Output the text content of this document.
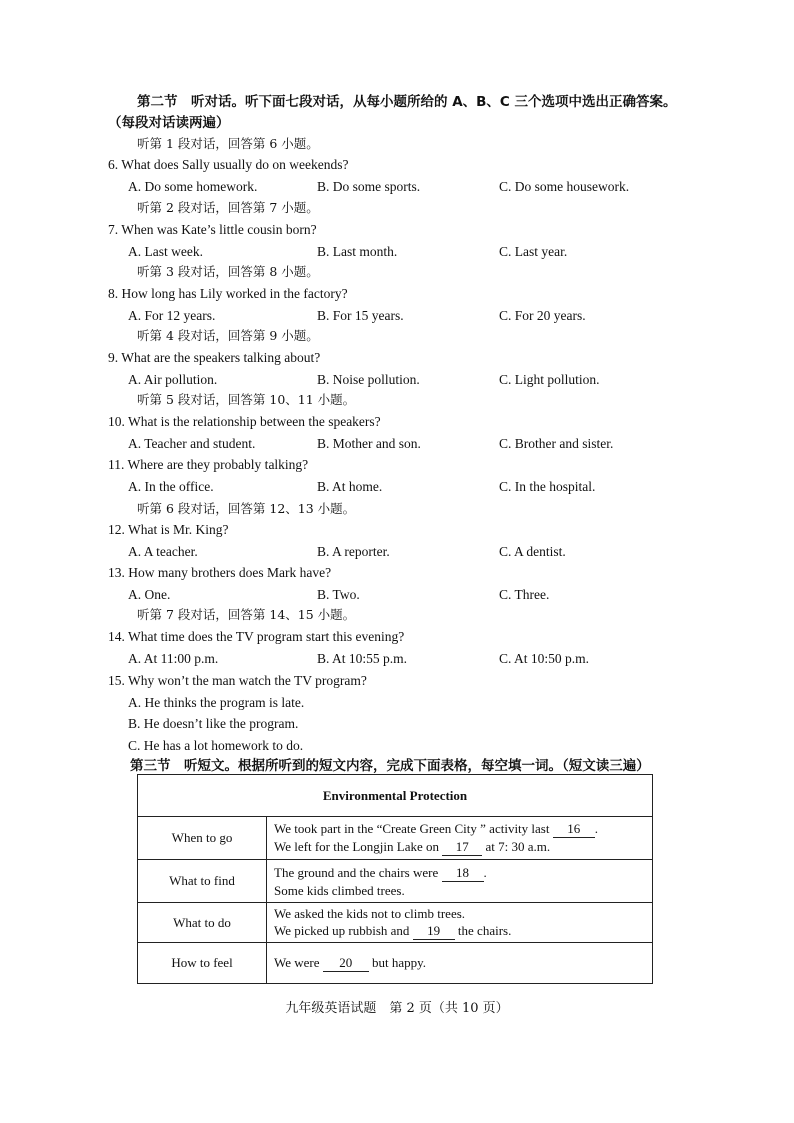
第二节　听对话。听下面七段对话，从每小题所给的 A、B、C 三个选项中选出正确答案。
（每段对话读两遍）
听第 1 段对话，回答第 6 小题。
6. What does Sally usually do on weekends?
A. Do some homework.	B. Do some sports.	C. Do some housework.
听第 2 段对话，回答第 7 小题。
7. When was Kate’s little cousin born?
A. Last week.	B. Last month.	C. Last year.
听第 3 段对话，回答第 8 小题。
8. How long has Lily worked in the factory?
A. For 12 years.	B. For 15 years.	C. For 20 years.
听第 4 段对话，回答第 9 小题。
9. What are the speakers talking about?
A. Air pollution.	B. Noise pollution.	C. Light pollution.
听第 5 段对话，回答第 10、11 小题。
10. What is the relationship between the speakers?
A. Teacher and student.	B. Mother and son.	C. Brother and sister.
11. Where are they probably talking?
A. In the office.	B. At home.	C. In the hospital.
听第 6 段对话，回答第 12、13 小题。
12. What is Mr. King?
A. A teacher.	B. A reporter.	C. A dentist.
13. How many brothers does Mark have?
A. One.	B. Two.	C. Three.
听第 7 段对话，回答第 14、15 小题。
14. What time does the TV program start this evening?
A. At 11:00 p.m.	B. At 10:55 p.m.	C. At 10:50 p.m.
15. Why won’t the man watch the TV program?
A. He thinks the program is late.
B. He doesn’t like the program.
C. He has a lot homework to do.
第三节　听短文。根据所听到的短文内容，完成下面表格，每空填一词。（短文读三遍）
Environmental Protection	
When to go	We took part in the “Create Green City ” activity last 16 .
We left for the Longjin Lake on 17 at 7: 30 a.m.
What to find	The ground and the chairs were 18 .
Some kids climbed trees.
What to do	We asked the kids not to climb trees.
We picked up rubbish and 19 the chairs.
How to feel	We were 20 but happy.
九年级英语试题　第 2 页（共 10 页）
